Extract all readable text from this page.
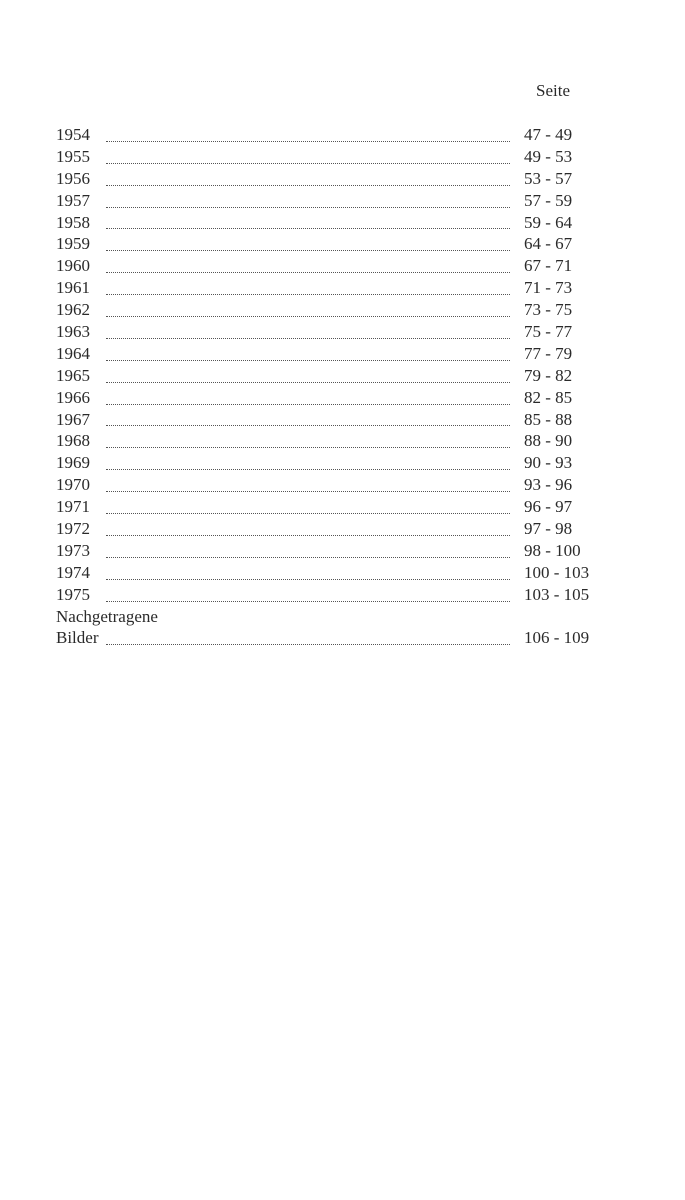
Seite
1954	47 - 49
1955	49 - 53
1956	53 - 57
1957	57 - 59
1958	59 - 64
1959	64 - 67
1960	67 - 71
1961	71 - 73
1962	73 - 75
1963	75 - 77
1964	77 - 79
1965	79 - 82
1966	82 - 85
1967	85 - 88
1968	88 - 90
1969	90 - 93
1970	93 - 96
1971	96 - 97
1972	97 - 98
1973	98 - 100
1974	100 - 103
1975	103 - 105
Nachgetragene
Bilder	106 - 109
